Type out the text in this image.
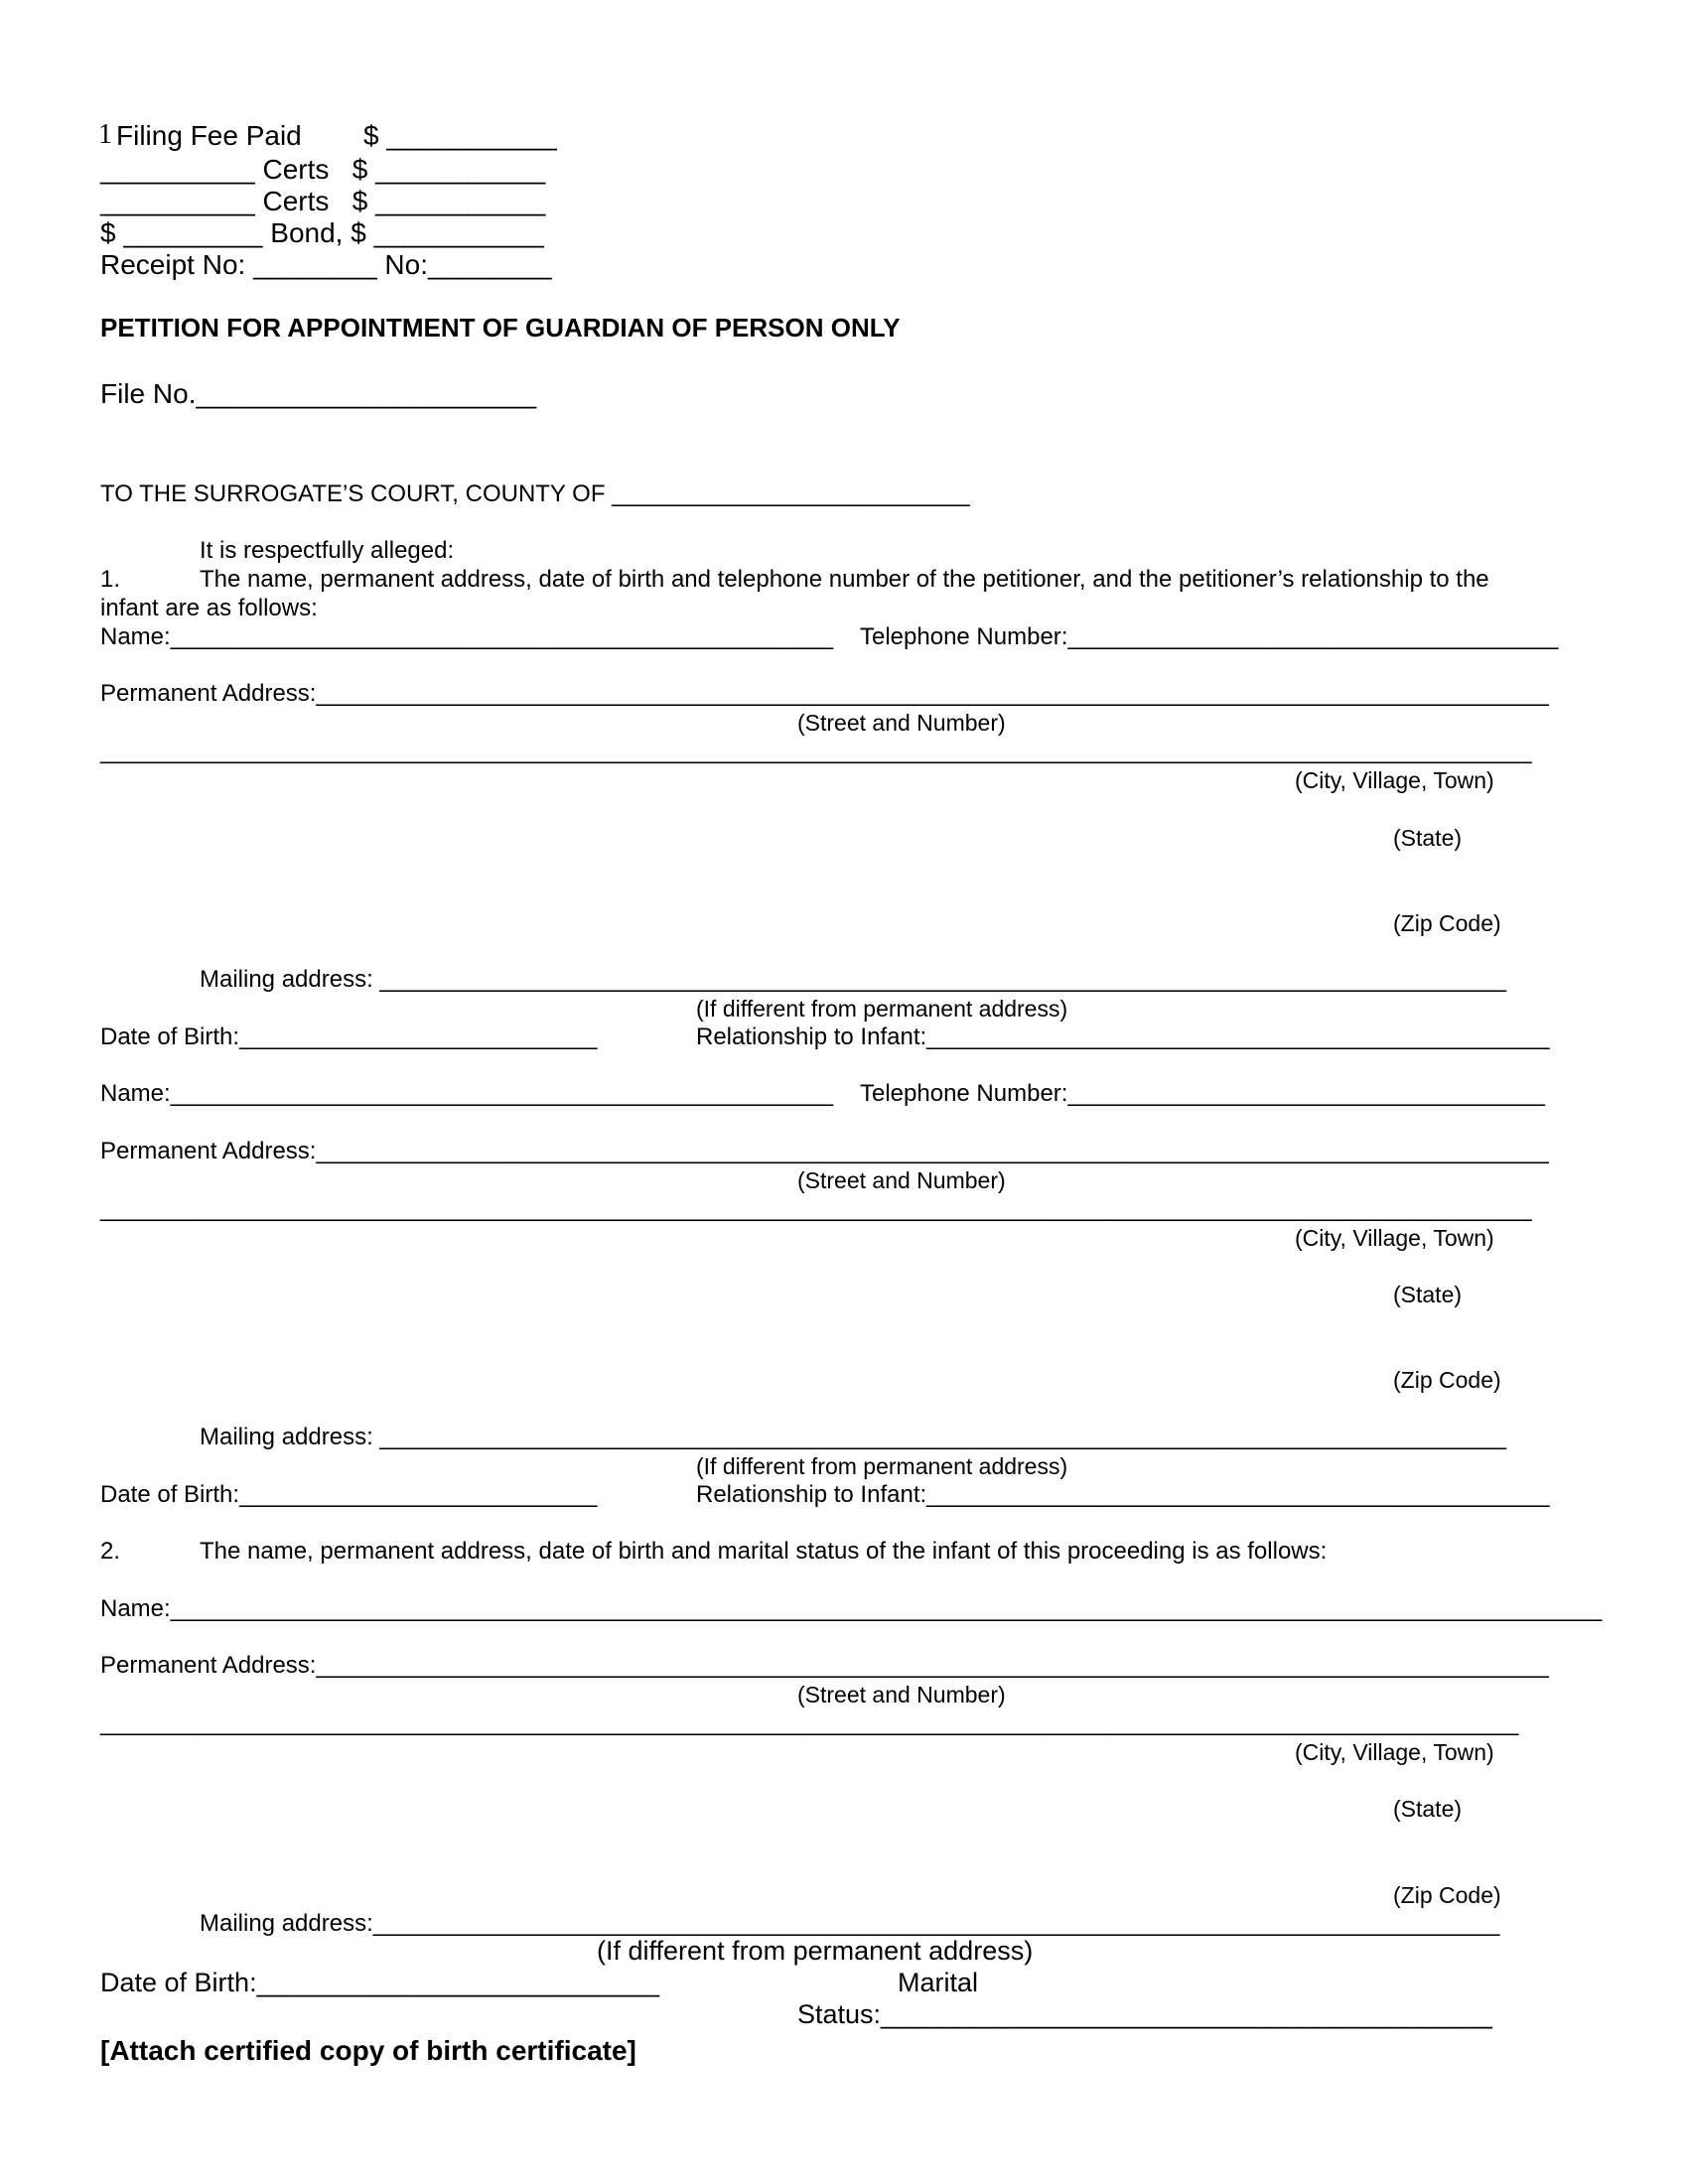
1 Filing Fee Paid        $ ___________
__________ Certs   $ ___________
__________ Certs   $ ___________
$ _________ Bond, $ ___________
Receipt No: ________ No:________
PETITION FOR APPOINTMENT OF GUARDIAN OF PERSON ONLY
File No.______________________
TO THE SURROGATE’S COURT, COUNTY OF ___________________________
It is respectfully alleged:
1.	The name, permanent address, date of birth and telephone number of the petitioner, and the petitioner’s relationship to the
infant are as follows:
Name:__________________________________________________ Telephone Number:_____________________________________
Permanent Address:_____________________________________________________________________________________________
(Street and Number)
____________________________________________________________________________________________________________
(City, Village, Town)
(State)
(Zip Code)
Mailing address: _____________________________________________________________________________________
(If different from permanent address)
Date of Birth:___________________________	Relationship to Infant:_______________________________________________
Name:__________________________________________________ Telephone Number:____________________________________
Permanent Address:_____________________________________________________________________________________________
(Street and Number)
____________________________________________________________________________________________________________
(City, Village, Town)
(State)
(Zip Code)
Mailing address: _____________________________________________________________________________________
(If different from permanent address)
Date of Birth:___________________________	Relationship to Infant:_______________________________________________
2.	The name, permanent address, date of birth and marital status of the infant of this proceeding is as follows:
Name:____________________________________________________________________________________________________________
Permanent Address:_____________________________________________________________________________________________
(Street and Number)
___________________________________________________________________________________________________________
(City, Village, Town)
(State)
(Zip Code)
Mailing address:_____________________________________________________________________________________
(If different from permanent address)
Date of Birth:___________________________	Marital
Status:_________________________________________
[Attach certified copy of birth certificate]
